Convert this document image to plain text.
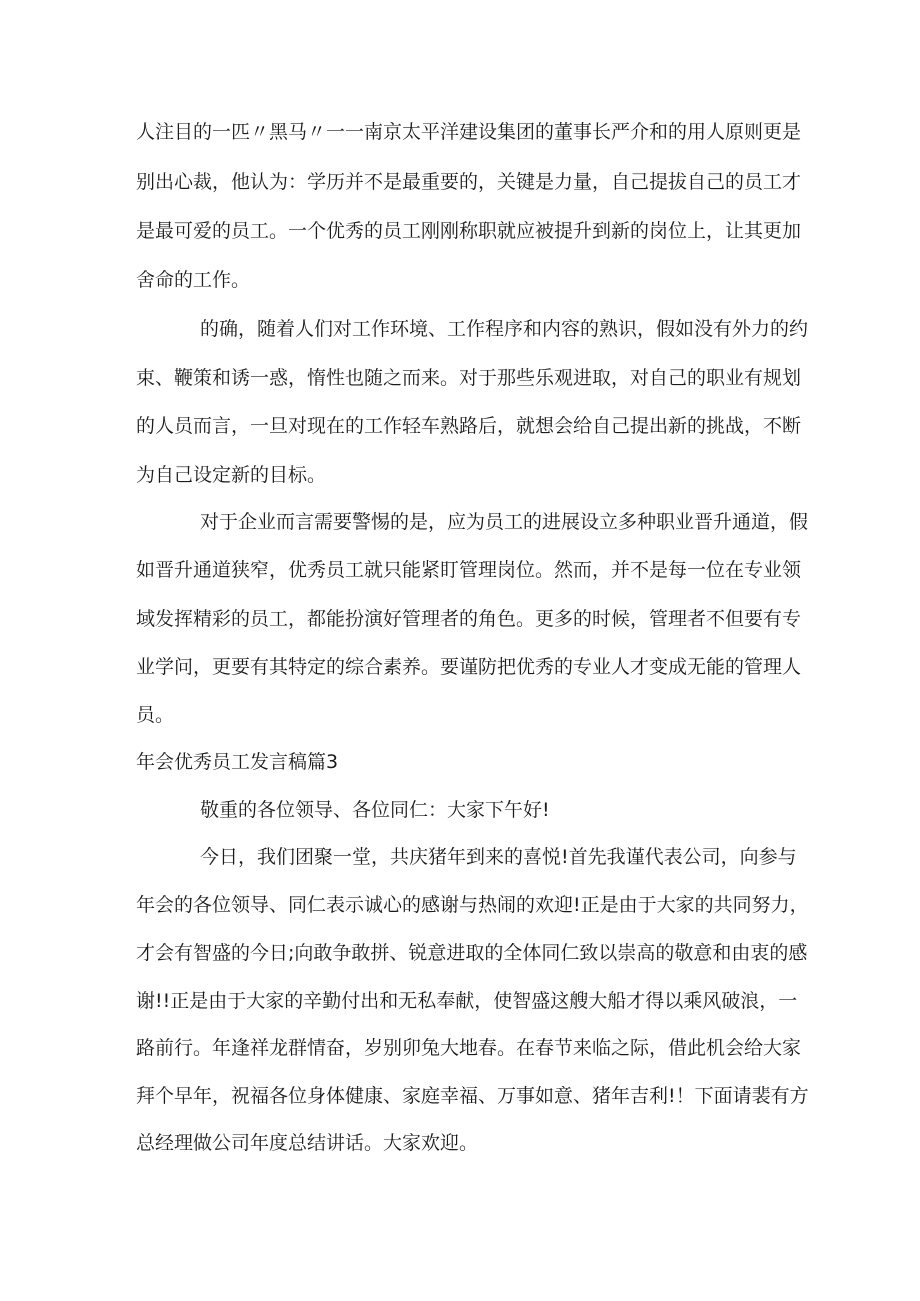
人注目的一匹〃黑马〃一一南京太平洋建设集团的董事长严介和的用人原则更是
别出心裁，他认为：学历并不是最重要的，关键是力量，自己提拔自己的员工才
是最可爱的员工。一个优秀的员工刚刚称职就应被提升到新的岗位上，让其更加
舍命的工作。
的确，随着人们对工作环境、工作程序和内容的熟识，假如没有外力的约
束、鞭策和诱一惑，惰性也随之而来。对于那些乐观进取，对自己的职业有规划
的人员而言，一旦对现在的工作轻车熟路后，就想会给自己提出新的挑战，不断
为自己设定新的目标。
对于企业而言需要警惕的是，应为员工的进展设立多种职业晋升通道，假
如晋升通道狭窄，优秀员工就只能紧盯管理岗位。然而，并不是每一位在专业领
域发挥精彩的员工，都能扮演好管理者的角色。更多的时候，管理者不但要有专
业学问，更要有其特定的综合素养。要谨防把优秀的专业人才变成无能的管理人
员。
年会优秀员工发言稿篇3
敬重的各位领导、各位同仁：大家下午好!
今日，我们团聚一堂，共庆猪年到来的喜悦!首先我谨代表公司，向参与
年会的各位领导、同仁表示诚心的感谢与热闹的欢迎!正是由于大家的共同努力，
才会有智盛的今日;向敢争敢拼、锐意进取的全体同仁致以崇高的敬意和由衷的感
谢!!正是由于大家的辛勤付出和无私奉献，使智盛这艘大船才得以乘风破浪，一
路前行。年逢祥龙群情奋，岁别卯兔大地春。在春节来临之际，借此机会给大家
拜个早年，祝福各位身体健康、家庭幸福、万事如意、猪年吉利!！下面请裴有方
总经理做公司年度总结讲话。大家欢迎。
